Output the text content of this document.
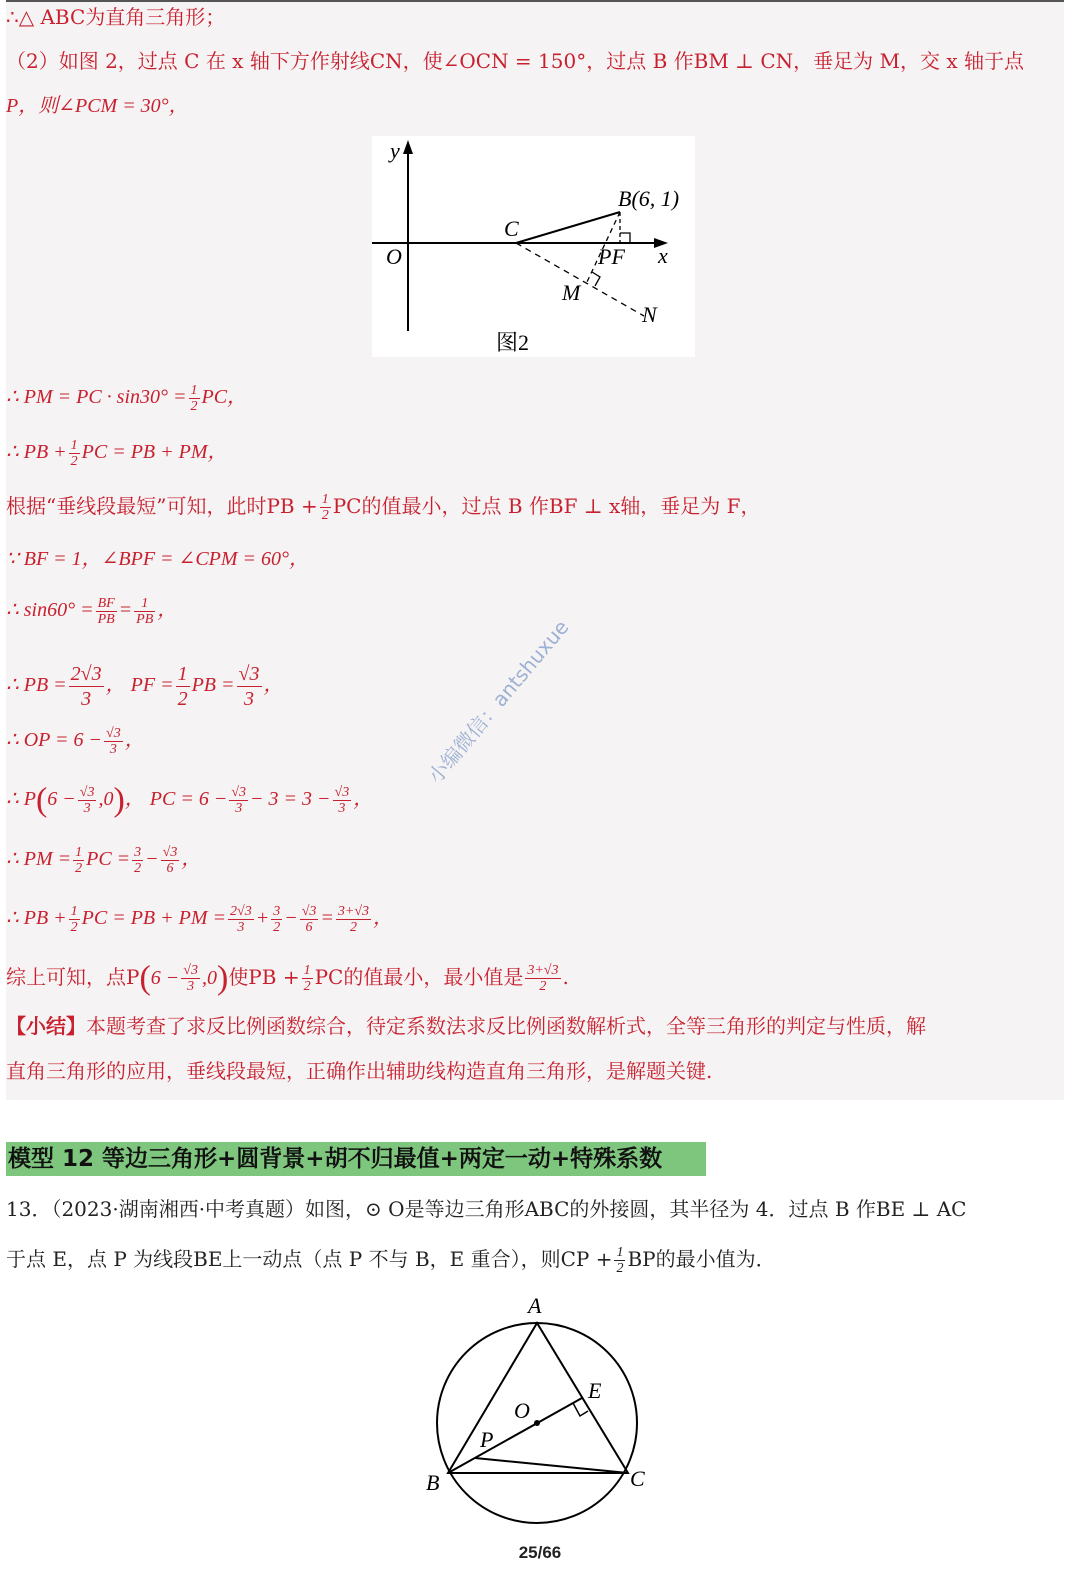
∴△ ABC为直角三角形；
（2）如图 2，过点 C 在 x 轴下方作射线CN，使∠OCN = 150°，过点 B 作BM ⊥ CN，垂足为 M，交 x 轴于点
P，则∠PCM = 30°，
y
x
O
C
B(6, 1)
PF
M
N
图2
∴ PM = PC · $\sin 30^\circ = \frac{1}{2}$ PC，
∴ PB + $\frac{1}{2}$ PC = PB + PM，
根据“垂线段最短”可知，此时PB + $\frac{1}{2}$ PC的值最小，过点 B 作BF ⊥ x轴，垂足为 F，
∵ BF = 1，∠BPF = ∠CPM = 60°，
∴ $\sin 60^\circ = \frac{BF}{PB} = \frac{1}{PB}$ ，
∴ PB = $\frac{2√3}{3}$ ， PF = $\frac{1}{2}$ PB = $\frac{√3}{3}$ ，
∴ OP = $6 - \frac{√3}{3}$ ，
∴ $P(6 - \frac{√3}{3} ,0)$， PC = $6 - \frac{√3}{3} - 3 = 3 - \frac{√3}{3}$ ，
∴ PM = $\frac{1}{2}$ PC = $\frac{3}{2} - \frac{√3}{6}$ ，
∴ PB + $\frac{1}{2}$ PC = PB + PM = $\frac{2√3}{3} + \frac{3}{2} - \frac{√3}{6} = \frac{3+√3}{2}$ ，
综上可知，点$P(6 - \frac{√3}{3} ,0)$使PB + $\frac{1}{2}$ PC的值最小，最小值是 $\frac{3+√3}{2}$ .
【小结】本题考查了求反比例函数综合，待定系数法求反比例函数解析式，全等三角形的判定与性质，解
直角三角形的应用，垂线段最短，正确作出辅助线构造直角三角形，是解题关键.
小编微信：antshuxue
模型 12 等边三角形+圆背景+胡不归最值+两定一动+特殊系数
13．（2023·湖南湘西·中考真题）如图，⊙ O是等边三角形ABC的外接圆，其半径为 4．过点 B 作BE ⊥ AC
于点 E，点 P 为线段BE上一动点（点 P 不与 B，E 重合），则CP + $\frac{1}{2}$ BP的最小值为．
A
B	C
E
O
P
25/66
